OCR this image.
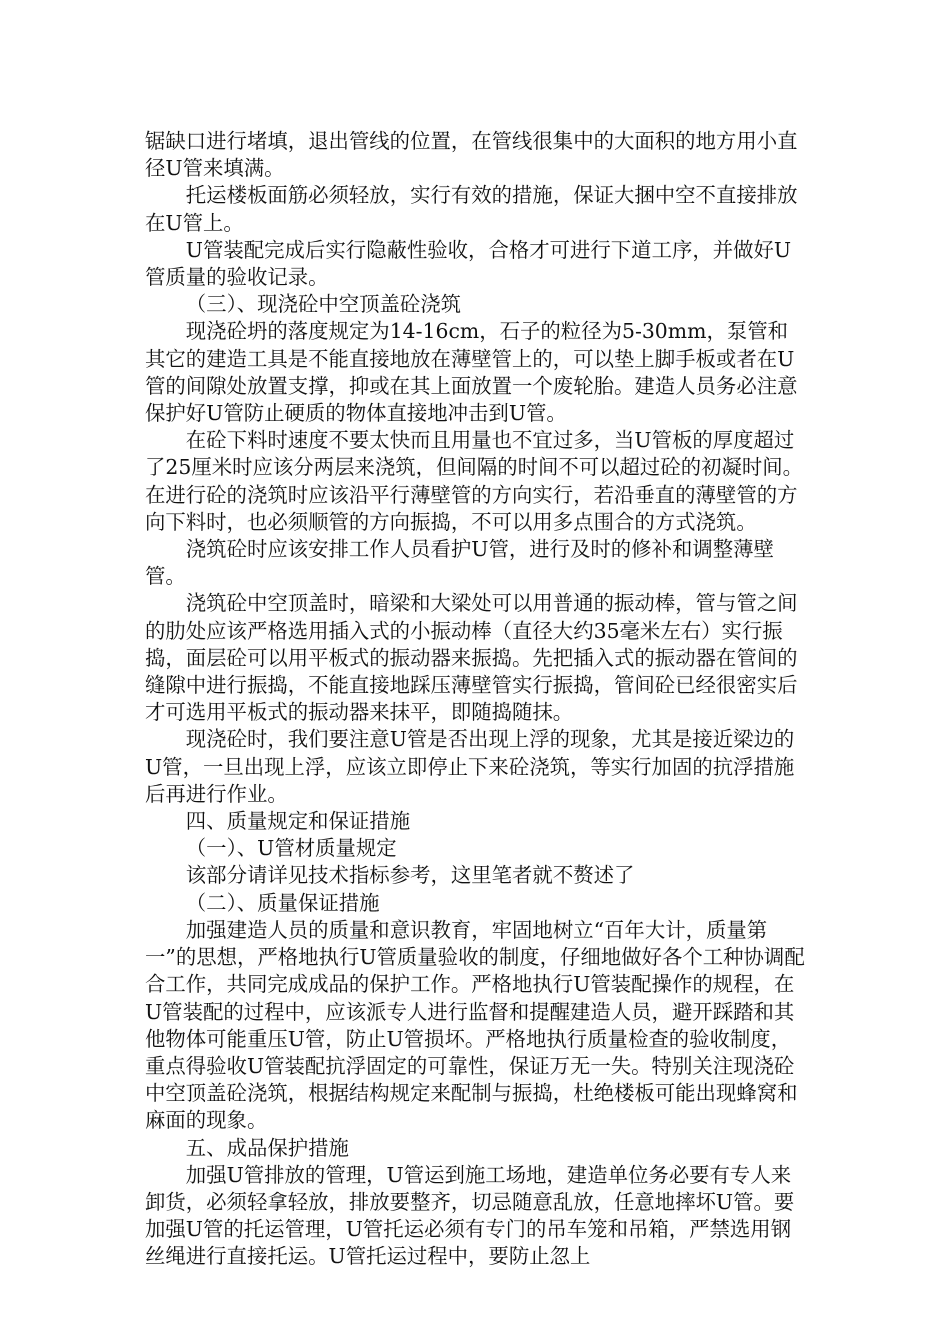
锯缺口进行堵填，退出管线的位置，在管线很集中的大面积的地方用小直径U管来填满。

托运楼板面筋必须轻放，实行有效的措施，保证大捆中空不直接排放在U管上。

U管装配完成后实行隐蔽性验收，合格才可进行下道工序，并做好U管质量的验收记录。

（三）、现浇砼中空顶盖砼浇筑

现浇砼坍的落度规定为14-16cm，石子的粒径为5-30mm，泵管和其它的建造工具是不能直接地放在薄壁管上的，可以垫上脚手板或者在U管的间隙处放置支撑，抑或在其上面放置一个废轮胎。建造人员务必注意保护好U管防止硬质的物体直接地冲击到U管。

在砼下料时速度不要太快而且用量也不宜过多，当U管板的厚度超过了25厘米时应该分两层来浇筑，但间隔的时间不可以超过砼的初凝时间。        在进行砼的浇筑时应该沿平行薄壁管的方向实行，若沿垂直的薄壁管的方向下料时，也必须顺管的方向振捣，不可以用多点围合的方式浇筑。

浇筑砼时应该安排工作人员看护U管，进行及时的修补和调整薄壁管。

浇筑砼中空顶盖时，暗梁和大梁处可以用普通的振动棒，管与管之间的肋处应该严格选用插入式的小振动棒（直径大约35毫米左右）实行振捣，面层砼可以用平板式的振动器来振捣。先把插入式的振动器在管间的缝隙中进行振捣，不能直接地踩压薄壁管实行振捣，管间砼已经很密实后才可选用平板式的振动器来抹平，即随捣随抹。

现浇砼时，我们要注意U管是否出现上浮的现象，尤其是接近梁边的U管，一旦出现上浮，应该立即停止下来砼浇筑，等实行加固的抗浮措施后再进行作业。

四、质量规定和保证措施

（一）、U管材质量规定

该部分请详见技术指标参考，这里笔者就不赘述了

（二）、质量保证措施

加强建造人员的质量和意识教育，牢固地树立“百年大计，质量第一”的思想，严格地执行U管质量验收的制度，仔细地做好各个工种协调配合工作，共同完成成品的保护工作。严格地执行U管装配操作的规程，在U管装配的过程中，应该派专人进行监督和提醒建造人员，避开踩踏和其他物体可能重压U管，防止U管损坏。严格地执行质量检查的验收制度，重点得验收U管装配抗浮固定的可靠性，保证万无一失。特别关注现浇砼中空顶盖砼浇筑，根据结构规定来配制与振捣，杜绝楼板可能出现蜂窝和麻面的现象。

五、成品保护措施

加强U管排放的管理，U管运到施工场地，建造单位务必要有专人来卸货，必须轻拿轻放，排放要整齐，切忌随意乱放，任意地摔坏U管。要加强U管的托运管理，U管托运必须有专门的吊车笼和吊箱，严禁选用钢丝绳进行直接托运。U管托运过程中，要防止忽上
